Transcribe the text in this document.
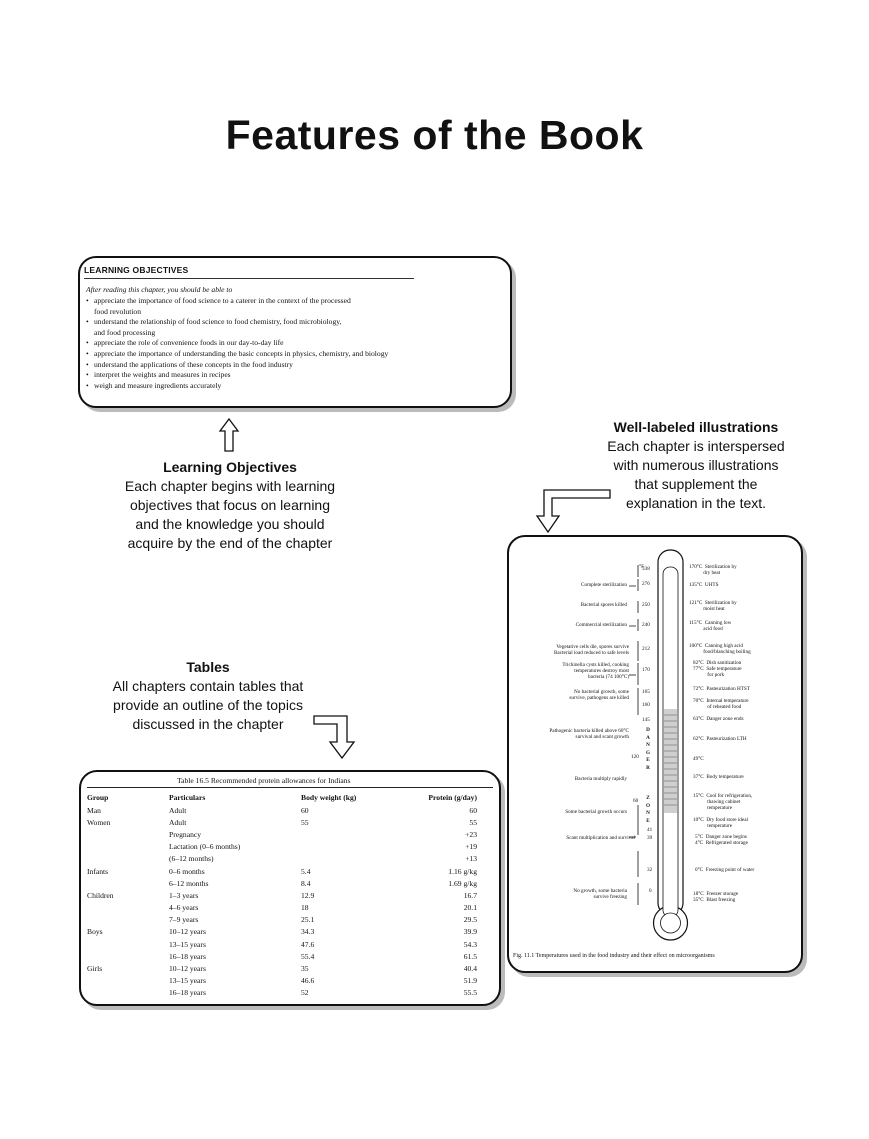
Features of the Book
LEARNING OBJECTIVES
After reading this chapter, you should be able to
• appreciate the importance of food science to a caterer in the context of the processed
food revolution
• understand the relationship of food science to food chemistry, food microbiology,
and food processing
• appreciate the role of convenience foods in our day-to-day life
• appreciate the importance of understanding the basic concepts in physics, chemistry, and biology
• understand the applications of these concepts in the food industry
• interpret the weights and measures in recipes
• weigh and measure ingredients accurately
Learning Objectives
Each chapter begins with learning
objectives that focus on learning
and the knowledge you should
acquire by the end of the chapter
Well-labeled illustrations
Each chapter is interspersed
with numerous illustrations
that supplement the
explanation in the text.
Tables
All chapters contain tables that
provide an outline of the topics
discussed in the chapter
Table 16.5 Recommended protein allowances for Indians
Group	Particulars	Body weight (kg)	Protein (g/day)
Man	Adult	60	60
Women	Adult	55	55
	Pregnancy		+23
	Lactation (0–6 months)		+19
	(6–12 months)		+13
Infants	0–6 months	5.4	1.16 g/kg
	6–12 months	8.4	1.69 g/kg
Children	1–3 years	12.9	16.7
	4–6 years	18	20.1
	7–9 years	25.1	29.5
Boys	10–12 years	34.3	39.9
	13–15 years	47.6	54.3
	16–18 years	55.4	61.5
Girls	10–12 years	35	40.4
	13–15 years	46.6	51.9
	16–18 years	52	55.5
°F
D
A
N
G
E
R
Z
O
N
E
338
276
250
240
212
170
165
160
145
120
60
41
39
32
0
Complete sterilization
Bacterial spores killed
Commercial sterilization
Vegetative cells die, spores survive
Bacterial load reduced to safe levels
Trichinella cysts killed, cooking
temperatures destroy most
bacteria (74 100°C)
No bacterial growth, some
survive, pathogens are killed
Pathogenic bacteria killed above 60°C
survival and scant growth
Bacteria multiply rapidly
Some bacterial growth occurs
Scant multiplication and survival
No growth, some bacteria
survive freezing
170°C  Sterilization by
dry heat
135°C  UHTS
121°C  Sterilization by
moist heat
115°C  Canning low
acid food
100°C  Canning high acid
food/blanching boiling
82°C  Dish sanitization
77°C  Safe temperature
for pork
72°C  Pasteurization HTST
70°C  Internal temperature
of reheated food
63°C  Danger zone ends
62°C  Pasteurization LTH
49°C
37°C  Body temperature
15°C  Cool for refrigeration,
thawing cabinet
temperature
10°C  Dry food store ideal
temperature
5°C  Danger zone begins
4°C  Refrigerated storage
0°C  Freezing point of water
18°C  Freezer storage
35°C  Blast freezing
Fig. 11.1 Temperatures used in the food industry and their effect on microorganisms
